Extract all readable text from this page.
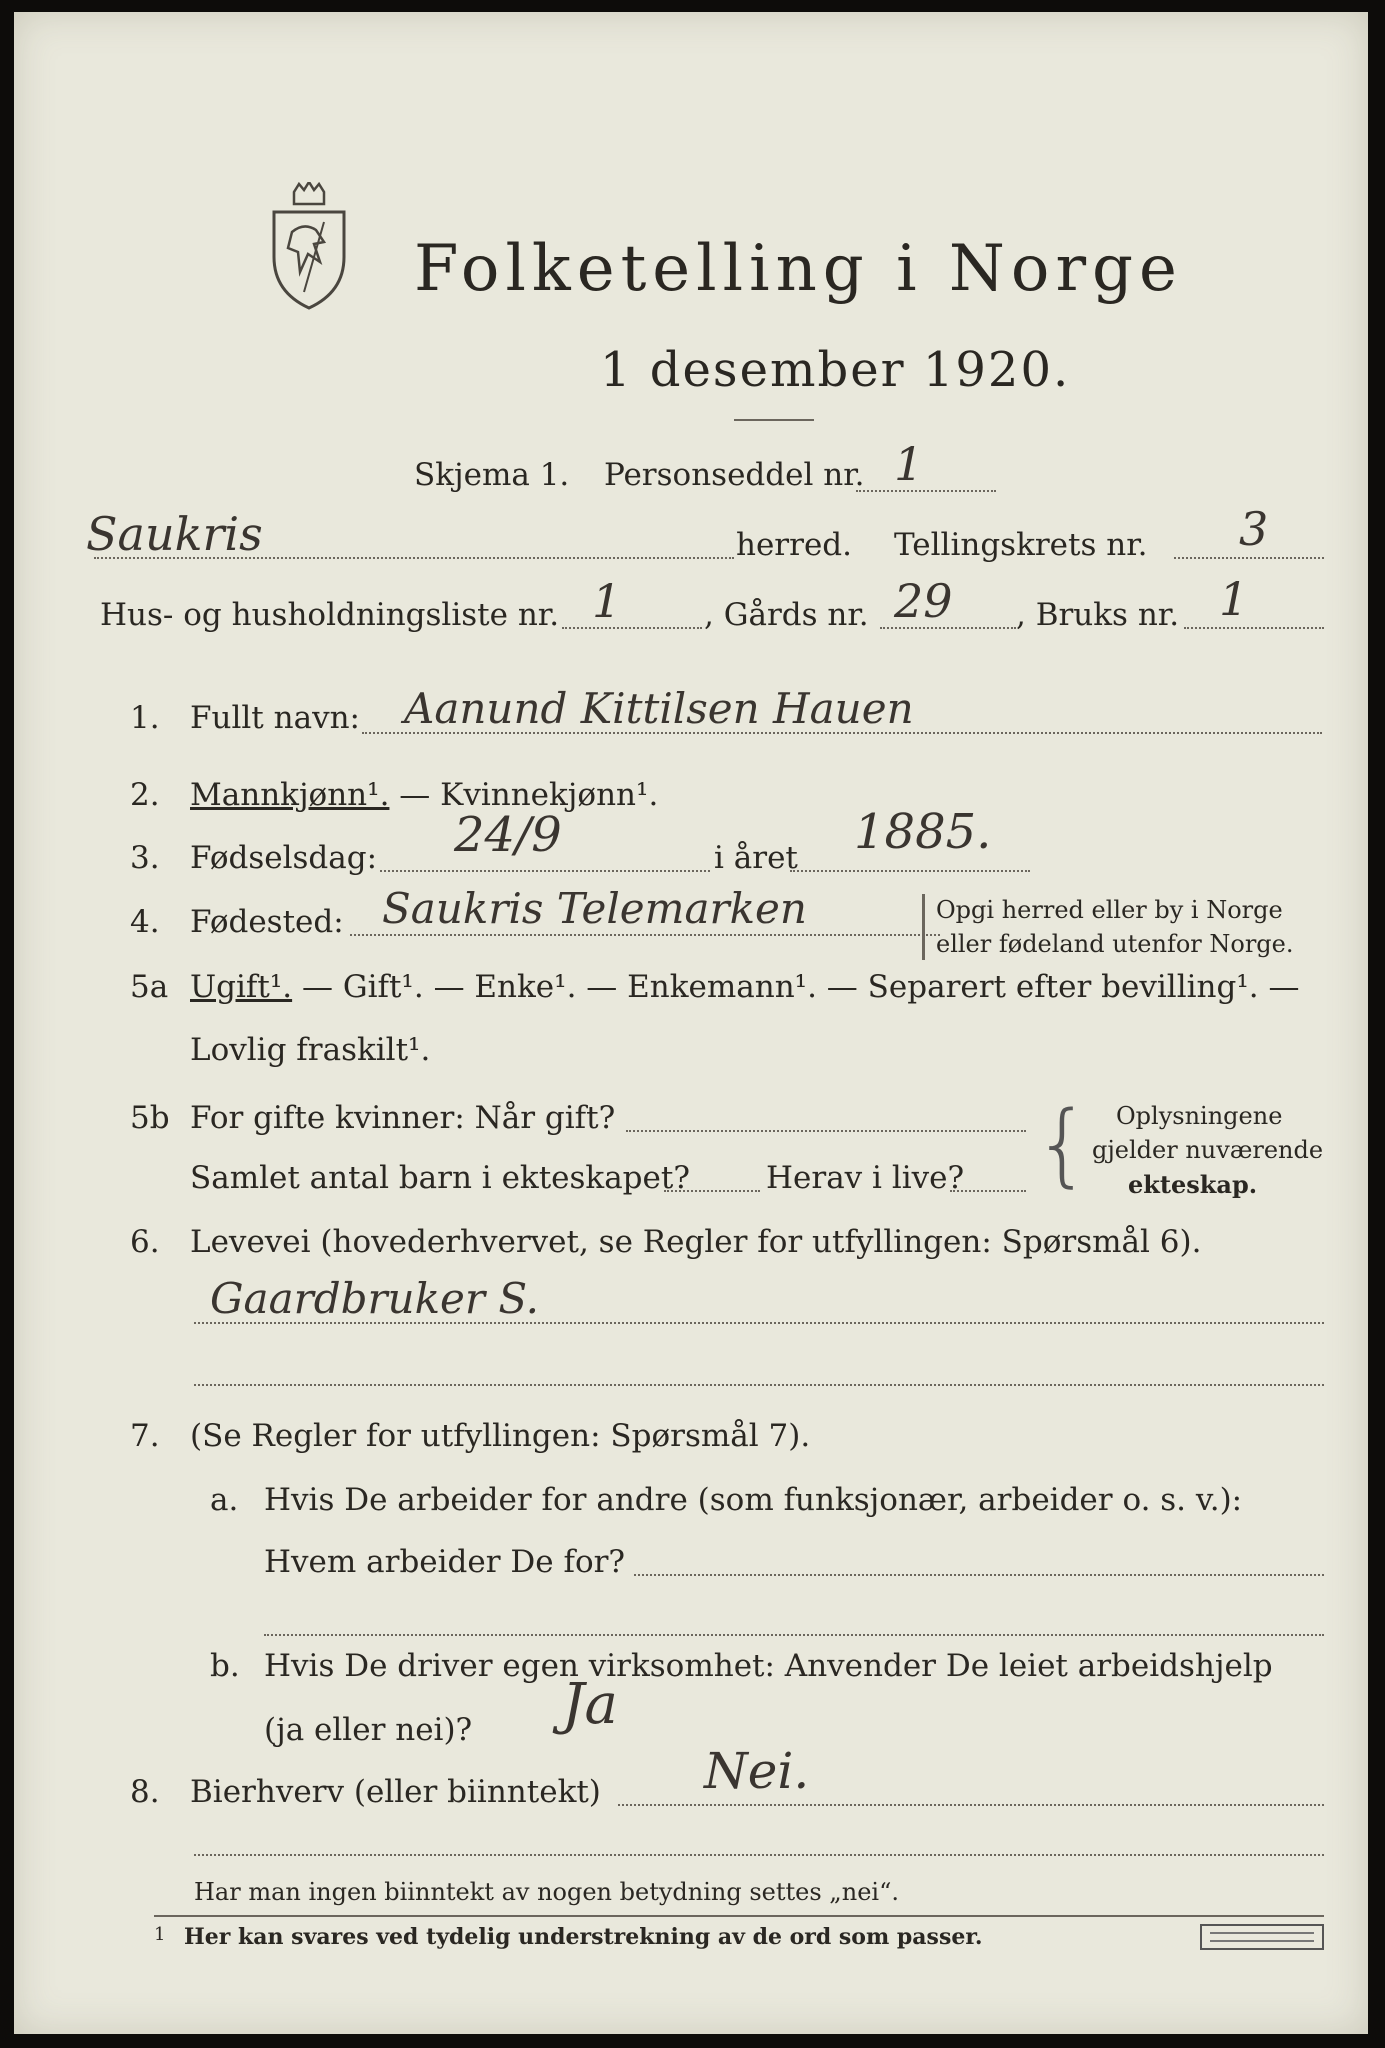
Folketelling i Norge
1 desember 1920.
Skjema 1. Personseddel nr. 1
Saukris	herred. Tellingskrets nr. 3
Hus- og husholdningsliste nr. 1	, Gårds nr. 29 , Bruks nr. 1
1. Fullt navn: Aanund Kittilsen Hauen
2. Mannkjønn¹. — Kvinnekjønn¹.
3. Fødselsdag: 24/9	i året 1885.
4. Fødested: Saukris Telemarken	Opgi herred eller by i Norge
eller fødeland utenfor Norge.
5a Ugift¹. — Gift¹. — Enke¹. — Enkemann¹. — Separert efter bevilling¹. —
Lovlig fraskilt¹.
5b For gifte kvinner: Når gift?
Samlet antal barn i ekteskapet? Herav i live? { Oplysningene
gjelder nuværende
ekteskap.
6. Levevei (hovederhvervet, se Regler for utfyllingen: Spørsmål 6).
Gaardbruker S.
7. (Se Regler for utfyllingen: Spørsmål 7).
a. Hvis De arbeider for andre (som funksjonær, arbeider o. s. v.):
Hvem arbeider De for?
b. Hvis De driver egen virksomhet: Anvender De leiet arbeidshjelp
(ja eller nei)? Ja
8. Bierhverv (eller biinntekt) Nei.
Har man ingen biinntekt av nogen betydning settes „nei“.
1 Her kan svares ved tydelig understrekning av de ord som passer.
